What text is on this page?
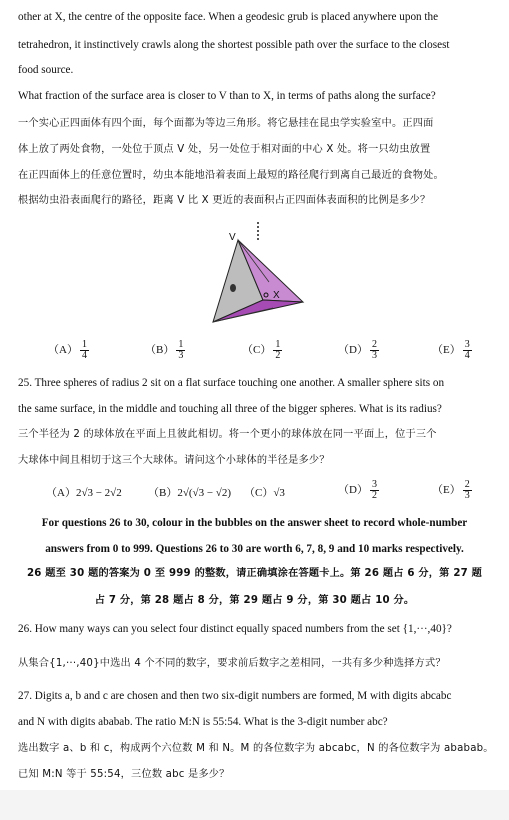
other at X, the centre of the opposite face. When a geodesic grub is placed anywhere upon the
tetrahedron, it instinctively crawls along the shortest possible path over the surface to the closest
food source.
What fraction of the surface area is closer to V than to X, in terms of paths along the surface?
一个实心正四面体有四个面，每个面都为等边三角形。将它悬挂在昆虫学实验室中。正四面
体上放了两处食物，一处位于顶点 V 处，另一处位于相对面的中心 X 处。将一只幼虫放置
在正四面体上的任意位置时，幼虫本能地沿着表面上最短的路径爬行到离自己最近的食物处。
根据幼虫沿表面爬行的路径，距离 V 比 X 更近的表面积占正四面体表面积的比例是多少？
X
V
$(A) \frac{1}{4}$	$(B) \frac{1}{3}$	$(C) \frac{1}{2}$	$(D) \frac{2}{3}$	$(E) \frac{3}{4}$
25. Three spheres of radius 2 sit on a flat surface touching one another. A smaller sphere sits on
the same surface, in the middle and touching all three of the bigger spheres. What is its radius?
三个半径为 2 的球体放在平面上且彼此相切。将一个更小的球体放在同一平面上，位于三个
大球体中间且相切于这三个大球体。请问这个小球体的半径是多少？
（A）2√3 − 2√2 （B）2√(√3 − √2) （C）√3	$(D) \frac{3}{2}$	$(E) \frac{2}{3}$
For questions 26 to 30, colour in the bubbles on the answer sheet to record whole-number
answers from 0 to 999. Questions 26 to 30 are worth 6, 7, 8, 9 and 10 marks respectively.
26 题至 30 题的答案为 0 至 999 的整数，请正确填涂在答题卡上。第 26 题占 6 分，第 27 题
占 7 分，第 28 题占 8 分，第 29 题占 9 分，第 30 题占 10 分。
26. How many ways can you select four distinct equally spaced numbers from the set {1,···,40}?
从集合{1,···,40}中选出 4 个不同的数字，要求前后数字之差相同，一共有多少种选择方式？
27. Digits a, b and c are chosen and then two six-digit numbers are formed, M with digits abcabc
and N with digits ababab. The ratio M:N is 55:54. What is the 3-digit number abc?
选出数字 a、b 和 c，构成两个六位数 M 和 N。M 的各位数字为 abcabc，N 的各位数字为 ababab。
已知 M:N 等于 55:54，三位数 abc 是多少？
